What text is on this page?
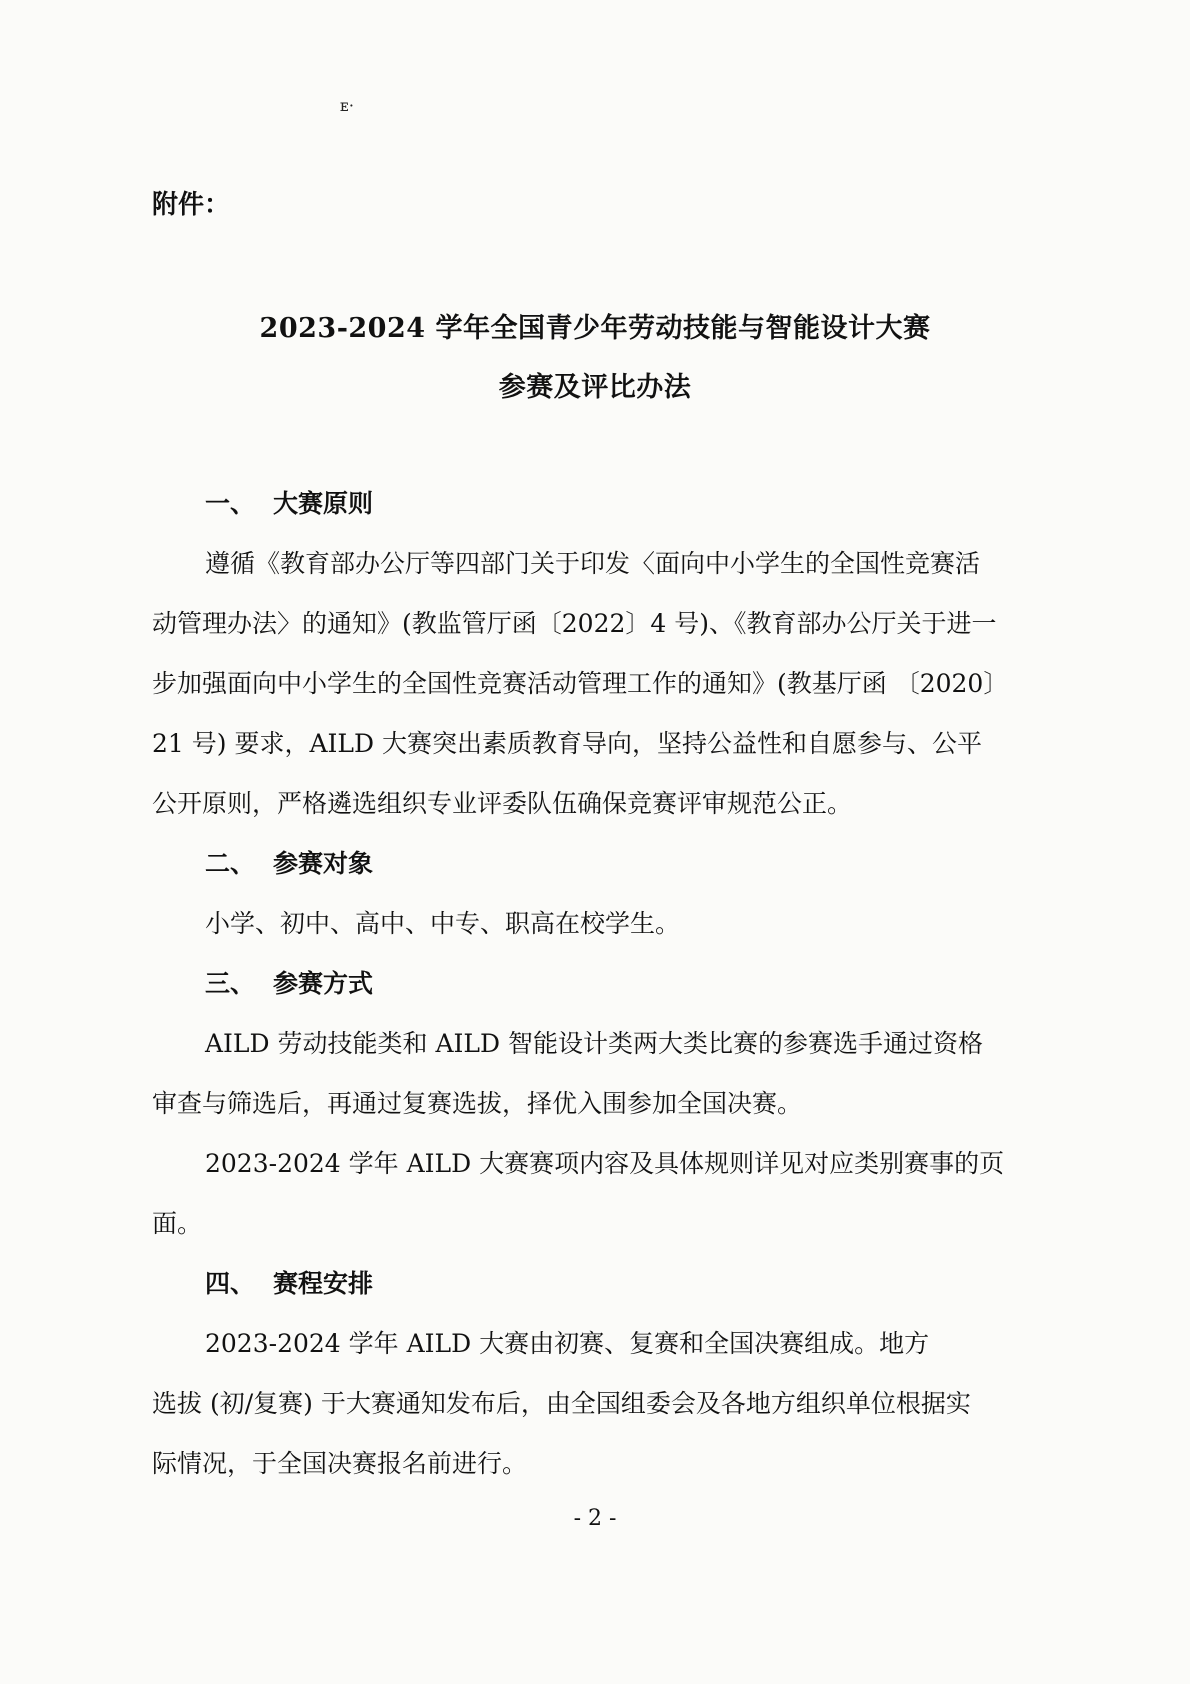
ᴇ·
附件：
2023-2024 学年全国青少年劳动技能与智能设计大赛
参赛及评比办法
一、 大赛原则
遵循《教育部办公厅等四部门关于印发〈面向中小学生的全国性竞赛活
动管理办法〉的通知》(教监管厅函〔2022〕4 号)、《教育部办公厅关于进一
步加强面向中小学生的全国性竞赛活动管理工作的通知》(教基厅函 〔2020〕
21 号) 要求，AILD 大赛突出素质教育导向，坚持公益性和自愿参与、公平
公开原则，严格遴选组织专业评委队伍确保竞赛评审规范公正。
二、 参赛对象
小学、初中、高中、中专、职高在校学生。
三、 参赛方式
AILD 劳动技能类和 AILD 智能设计类两大类比赛的参赛选手通过资格
审查与筛选后，再通过复赛选拔，择优入围参加全国决赛。
2023-2024 学年 AILD 大赛赛项内容及具体规则详见对应类别赛事的页
面。
四、 赛程安排
2023-2024 学年 AILD 大赛由初赛、复赛和全国决赛组成。地方
选拔 (初/复赛) 于大赛通知发布后，由全国组委会及各地方组织单位根据实
际情况，于全国决赛报名前进行。
- 2 -
